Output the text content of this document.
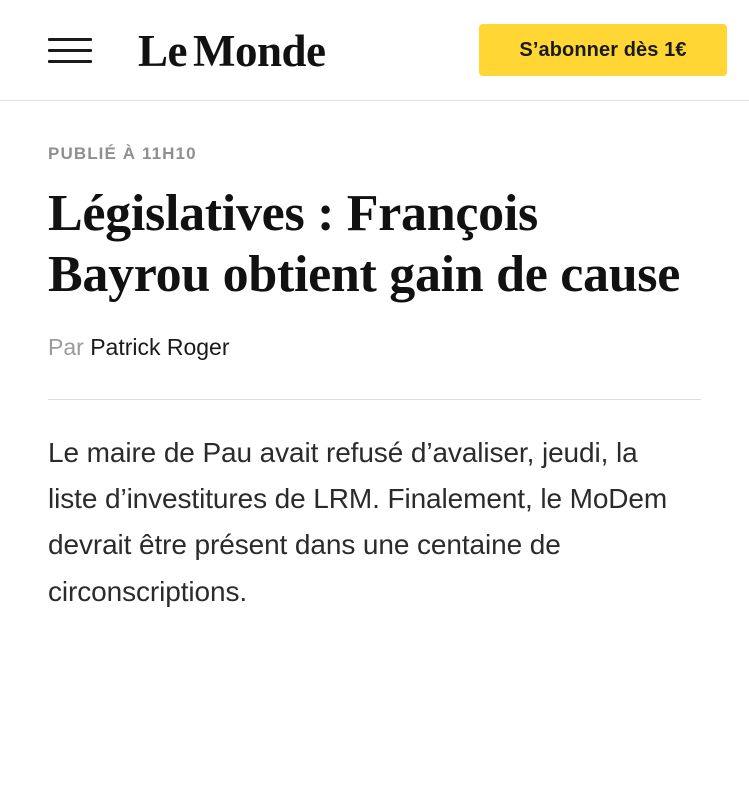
Le Monde	S’abonner dès 1€
PUBLIÉ À 11H10
Législatives : François Bayrou obtient gain de cause
Par Patrick Roger

Le maire de Pau avait refusé d’avaliser, jeudi, la liste d’investitures de LRM. Finalement, le MoDem devrait être présent dans une centaine de circonscriptions.
